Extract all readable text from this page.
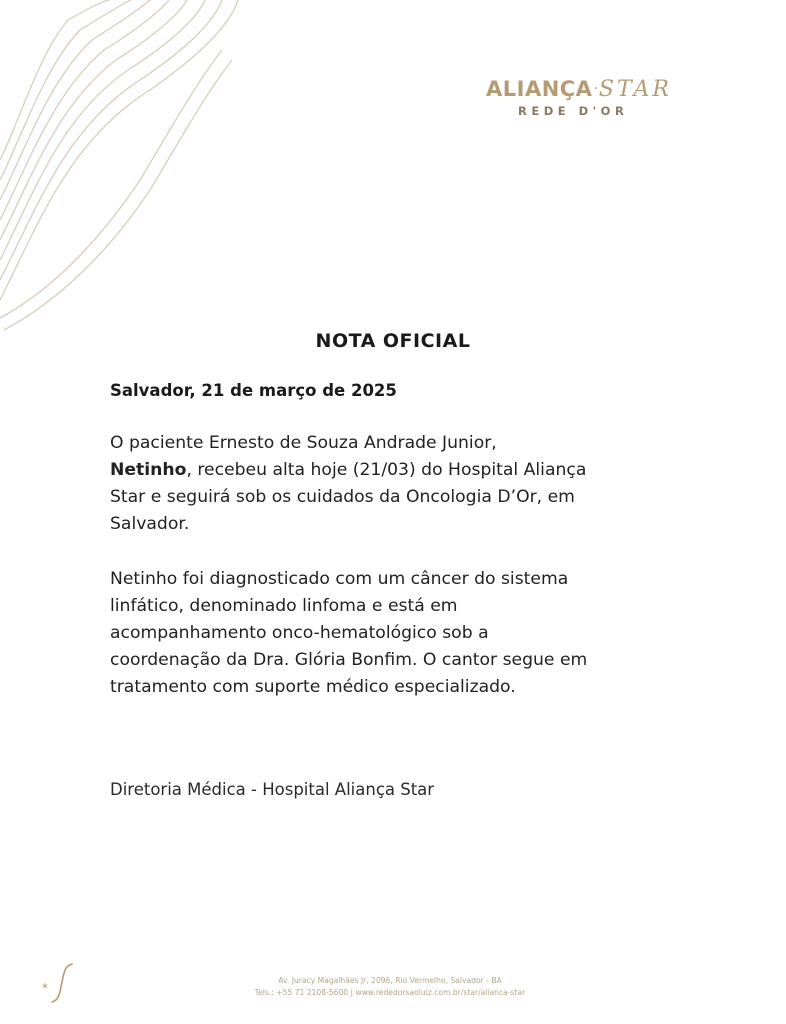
ALIANÇA·STAR
REDE D'OR
NOTA OFICIAL
Salvador, 21 de março de 2025

O paciente Ernesto de Souza Andrade Junior,
Netinho, recebeu alta hoje (21/03) do Hospital Aliança
Star e seguirá sob os cuidados da Oncologia D’Or, em
Salvador.

Netinho foi diagnosticado com um câncer do sistema
linfático, denominado linfoma e está em
acompanhamento onco-hematológico sob a
coordenação da Dra. Glória Bonfim. O cantor segue em
tratamento com suporte médico especializado.

Diretoria Médica - Hospital Aliança Star
*
Av. Juracy Magalhães Jr, 2096, Rio Vermelho, Salvador - BA
Tels.: +55 71 2108-5600 | www.rededorsaoluiz.com.br/star/alianca-star
